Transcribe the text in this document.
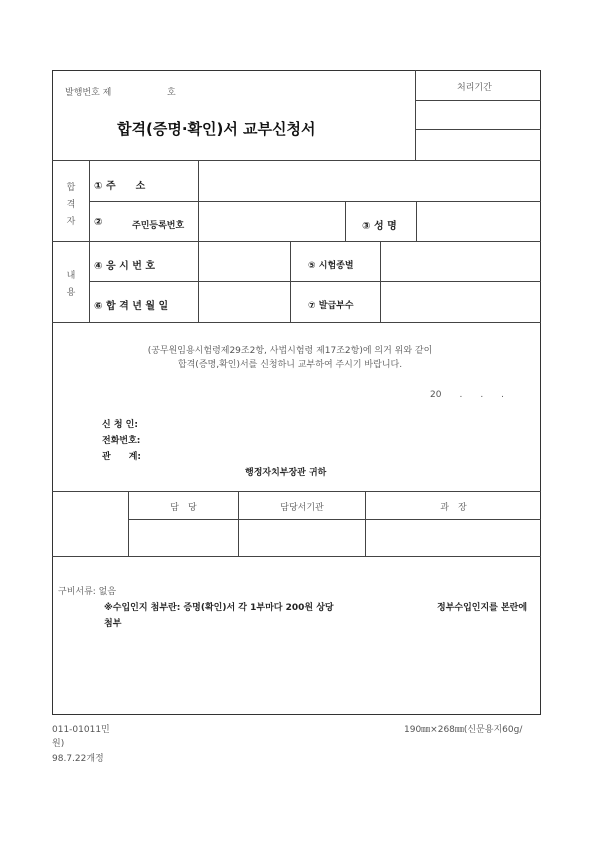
발행번호 제	호
합격(증명·확인)서 교부신청서
처리기간
합
격
자
① 주　　소
②	주민등록번호	③ 성 명
내
용
④ 응 시 번 호	⑤ 시험종별
⑥ 합 격 년 월 일	⑦ 발급부수
(공무원임용시험령제29조2항, 사법시험령 제17조2항)에 의거 위와 같이
합격(증명,확인)서를 신청하니 교부하여 주시기 바랍니다.
20　　.　　.　　.
신 청 인:
전화번호:
관　　계:
행정자치부장관 귀하
담　당	담당서기관	과　장
구비서류: 없음
※수입인지 첨부란: 증명(확인)서 각 1부마다 200원 상당	정부수입인지를 본란에
첨부
011-01011민
원)
98.7.22개정
190㎜×268㎜(신문용지60g/
